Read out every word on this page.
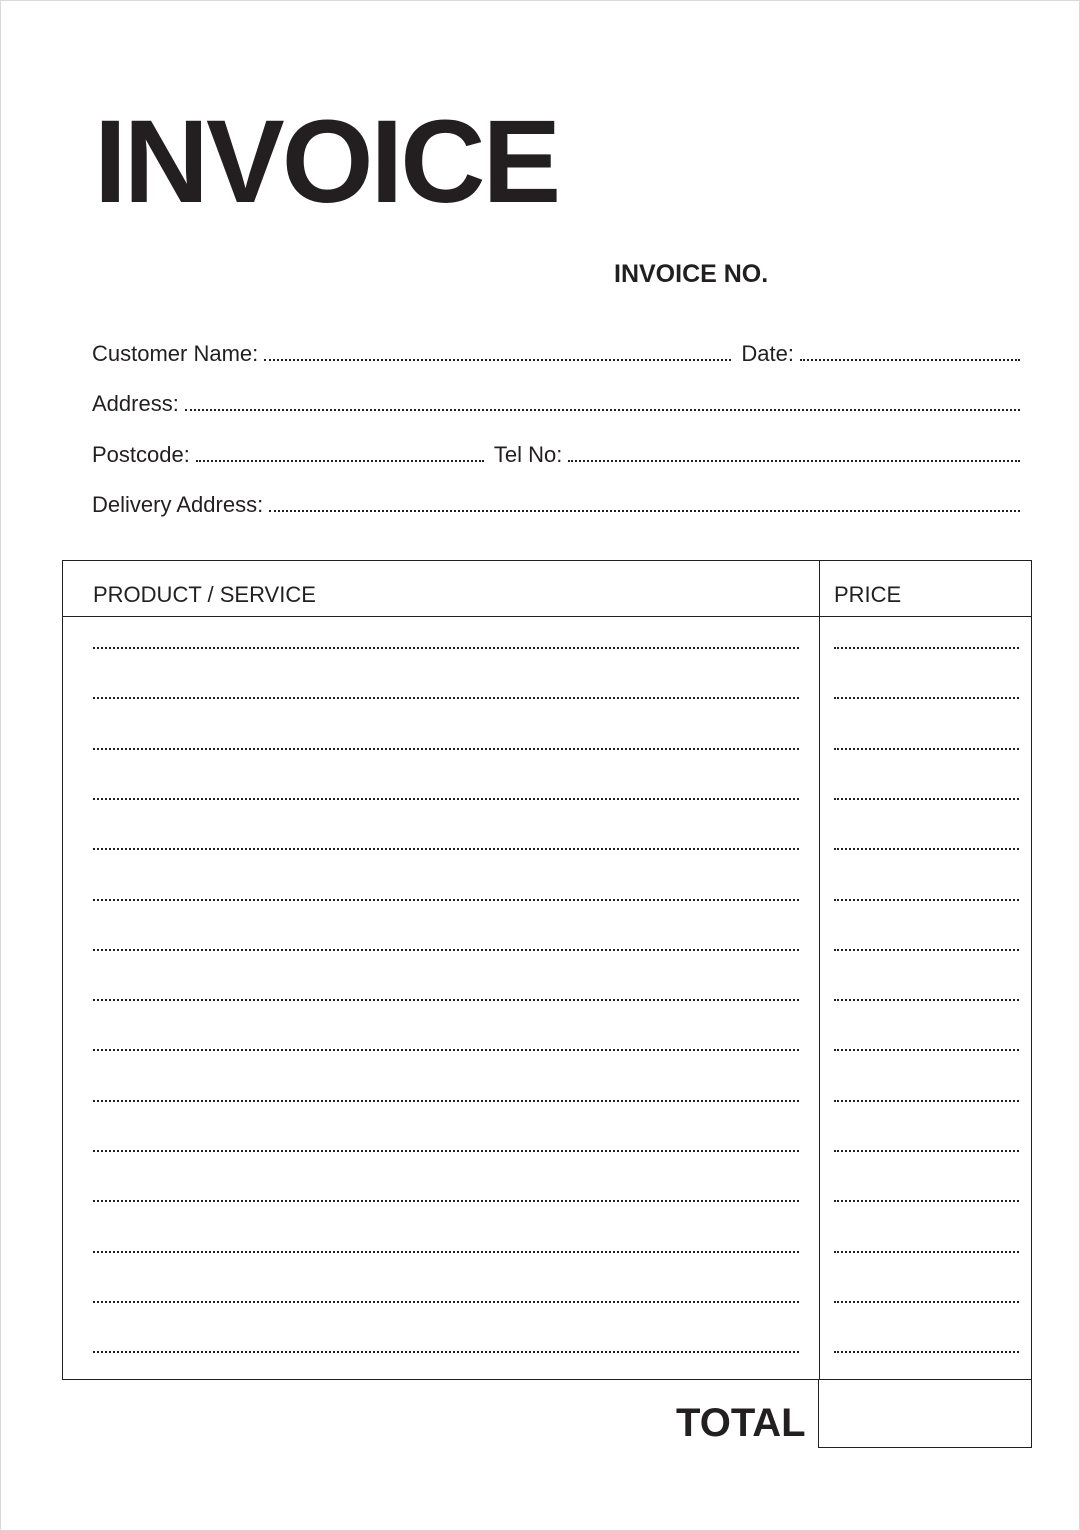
INVOICE
INVOICE NO.
Customer Name:	Date:
Address:
Postcode:	Tel No:
Delivery Address:
PRODUCT / SERVICE	PRICE
TOTAL
